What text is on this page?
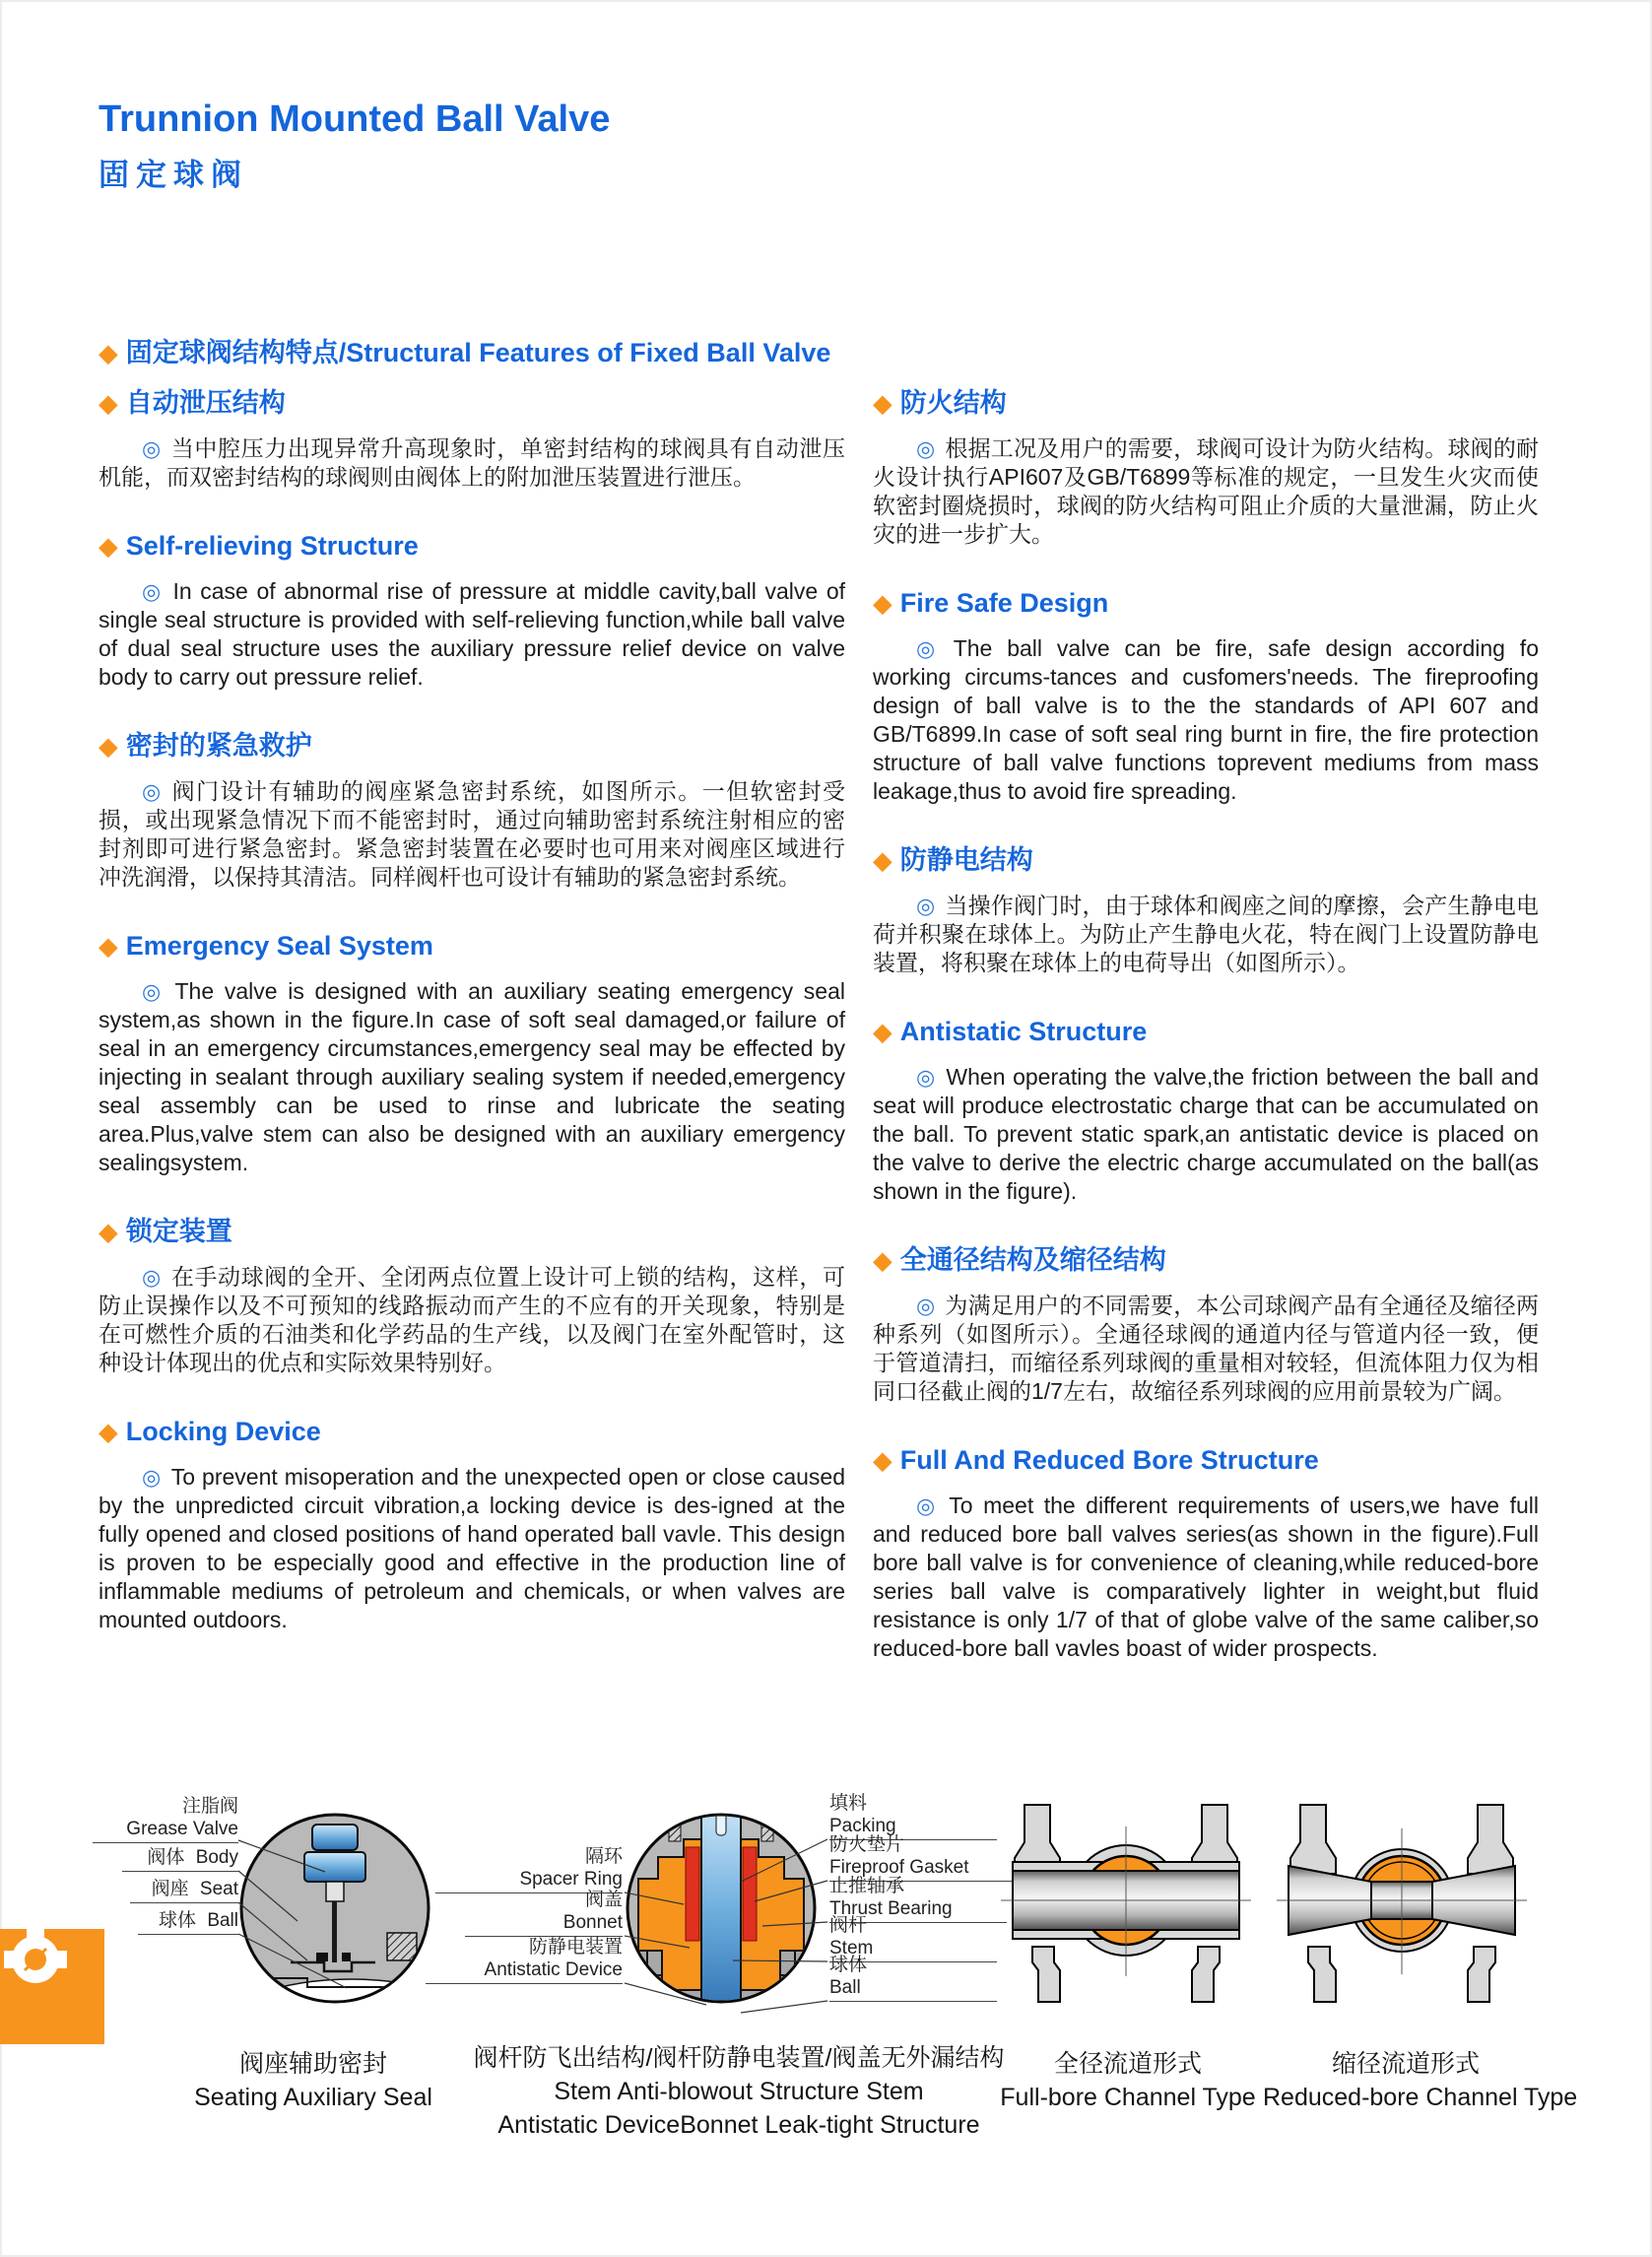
Trunnion Mounted Ball Valve
固定球阀
◆ 固定球阀结构特点/Structural Features of Fixed Ball Valve
◆ 自动泄压结构

◎ 当中腔压力出现异常升高现象时，单密封结构的球阀具有自动泄压机能，而双密封结构的球阀则由阀体上的附加泄压装置进行泄压。

◆ Self-relieving Structure

◎ In case of abnormal rise of pressure at middle cavity,ball valve of single seal structure is provided with self-relieving function,while ball valve of dual seal structure uses the auxiliary pressure relief device on valve body to carry out pressure relief.

◆ 密封的紧急救护

◎ 阀门设计有辅助的阀座紧急密封系统，如图所示。一但软密封受损，或出现紧急情况下而不能密封时，通过向辅助密封系统注射相应的密封剂即可进行紧急密封。紧急密封装置在必要时也可用来对阀座区域进行冲洗润滑，以保持其清洁。同样阀杆也可设计有辅助的紧急密封系统。

◆ Emergency Seal System

◎ The valve is designed with an auxiliary seating emergency seal system,as shown in the figure.In case of soft seal damaged,or failure of seal in an emergency circumstances,emergency seal may be effected by injecting in sealant through auxiliary sealing system if needed,emergency seal assembly can be used to rinse and lubricate the seating area.Plus,valve stem can also be designed with an auxiliary emergency sealingsystem.

◆ 锁定装置

◎ 在手动球阀的全开、全闭两点位置上设计可上锁的结构，这样，可防止误操作以及不可预知的线路振动而产生的不应有的开关现象，特别是在可燃性介质的石油类和化学药品的生产线，以及阀门在室外配管时，这种设计体现出的优点和实际效果特别好。

◆ Locking Device

◎ To prevent misoperation and the unexpected open or close caused by the unpredicted circuit vibration,a locking device is des-igned at the fully opened and closed positions of hand operated ball vavle. This design is proven to be especially good and effective in the production line of inflammable mediums of petroleum and chemicals, or when valves are mounted outdoors.

◆ 防火结构

◎ 根据工况及用户的需要，球阀可设计为防火结构。球阀的耐火设计执行API607及GB/T6899等标准的规定，一旦发生火灾而使软密封圈烧损时，球阀的防火结构可阻止介质的大量泄漏，防止火灾的进一步扩大。

◆ Fire Safe Design

◎ The ball valve can be fire, safe design according fo working circums-tances and cusfomers'needs. The fireproofing design of ball valve is to the the standards of API 607 and GB/T6899.In case of soft seal ring burnt in fire, the fire protection structure of ball valve functions toprevent mediums from mass leakage,thus to avoid fire spreading.

◆ 防静电结构

◎ 当操作阀门时，由于球体和阀座之间的摩擦，会产生静电电荷并积聚在球体上。为防止产生静电火花，特在阀门上设置防静电装置，将积聚在球体上的电荷导出（如图所示）。

◆ Antistatic Structure

◎ When operating the valve,the friction between the ball and seat will produce electrostatic charge that can be accumulated on the ball. To prevent static spark,an antistatic device is placed on the valve to derive the electric charge accumulated on the ball(as shown in the figure).

◆ 全通径结构及缩径结构

◎ 为满足用户的不同需要，本公司球阀产品有全通径及缩径两种系列（如图所示）。全通径球阀的通道内径与管道内径一致，便于管道清扫，而缩径系列球阀的重量相对较轻，但流体阻力仅为相同口径截止阀的1/7左右，故缩径系列球阀的应用前景较为广阔。

◆ Full And Reduced Bore Structure

◎ To meet the different requirements of users,we have full and reduced bore ball valves series(as shown in the figure).Full bore ball valve is for convenience of cleaning,while reduced-bore series ball valve is comparatively lighter in weight,but fluid resistance is only 1/7 of that of globe valve of the same caliber,so reduced-bore ball vavles boast of wider prospects.

注脂阀
Grease Valve
阀体 Body
阀座 Seat
球体 Ball
阀座辅助密封
Seating Auxiliary Seal
隔环
Spacer Ring
阀盖
Bonnet
防静电装置
Antistatic Device
填料
Packing
防火垫片
Fireproof Gasket
止推轴承
Thrust Bearing
阀杆
Stem
球体
Ball
阀杆防飞出结构/阀杆防静电装置/阀盖无外漏结构
Stem Anti-blowout Structure Stem
Antistatic DeviceBonnet Leak-tight Structure
全径流道形式
Full-bore Channel Type
缩径流道形式
Reduced-bore Channel Type
